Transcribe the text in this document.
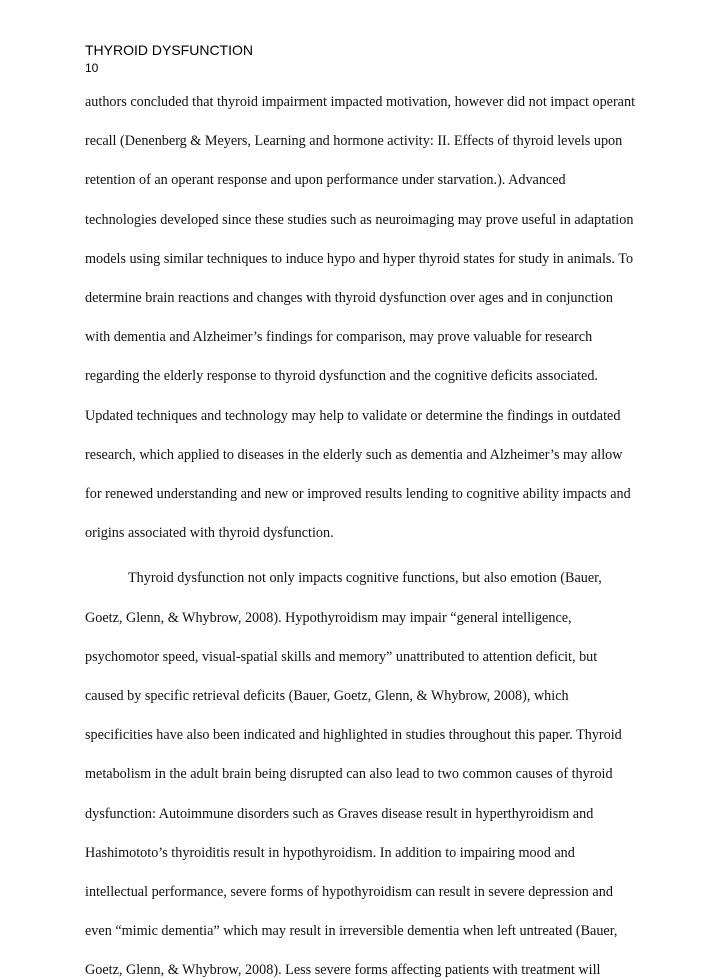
THYROID DYSFUNCTION
10
authors concluded that thyroid impairment impacted motivation, however did not impact operant
recall (Denenberg & Meyers, Learning and hormone activity: II. Effects of thyroid levels upon
retention of an operant response and upon performance under starvation.). Advanced
technologies developed since these studies such as neuroimaging may prove useful in adaptation
models using similar techniques to induce hypo and hyper thyroid states for study in animals. To
determine brain reactions and changes with thyroid dysfunction over ages and in conjunction
with dementia and Alzheimer’s findings for comparison, may prove valuable for research
regarding the elderly response to thyroid dysfunction and the cognitive deficits associated.
Updated techniques and technology may help to validate or determine the findings in outdated
research, which applied to diseases in the elderly such as dementia and Alzheimer’s may allow
for renewed understanding and new or improved results lending to cognitive ability impacts and
origins associated with thyroid dysfunction.
Thyroid dysfunction not only impacts cognitive functions, but also emotion (Bauer,
Goetz, Glenn, & Whybrow, 2008). Hypothyroidism may impair “general intelligence,
psychomotor speed, visual-spatial skills and memory” unattributed to attention deficit, but
caused by specific retrieval deficits (Bauer, Goetz, Glenn, & Whybrow, 2008), which
specificities have also been indicated and highlighted in studies throughout this paper. Thyroid
metabolism in the adult brain being disrupted can also lead to two common causes of thyroid
dysfunction: Autoimmune disorders such as Graves disease result in hyperthyroidism and
Hashimototo’s thyroiditis result in hypothyroidism. In addition to impairing mood and
intellectual performance, severe forms of hypothyroidism can result in severe depression and
even “mimic dementia” which may result in irreversible dementia when left untreated (Bauer,
Goetz, Glenn, & Whybrow, 2008). Less severe forms affecting patients with treatment will
